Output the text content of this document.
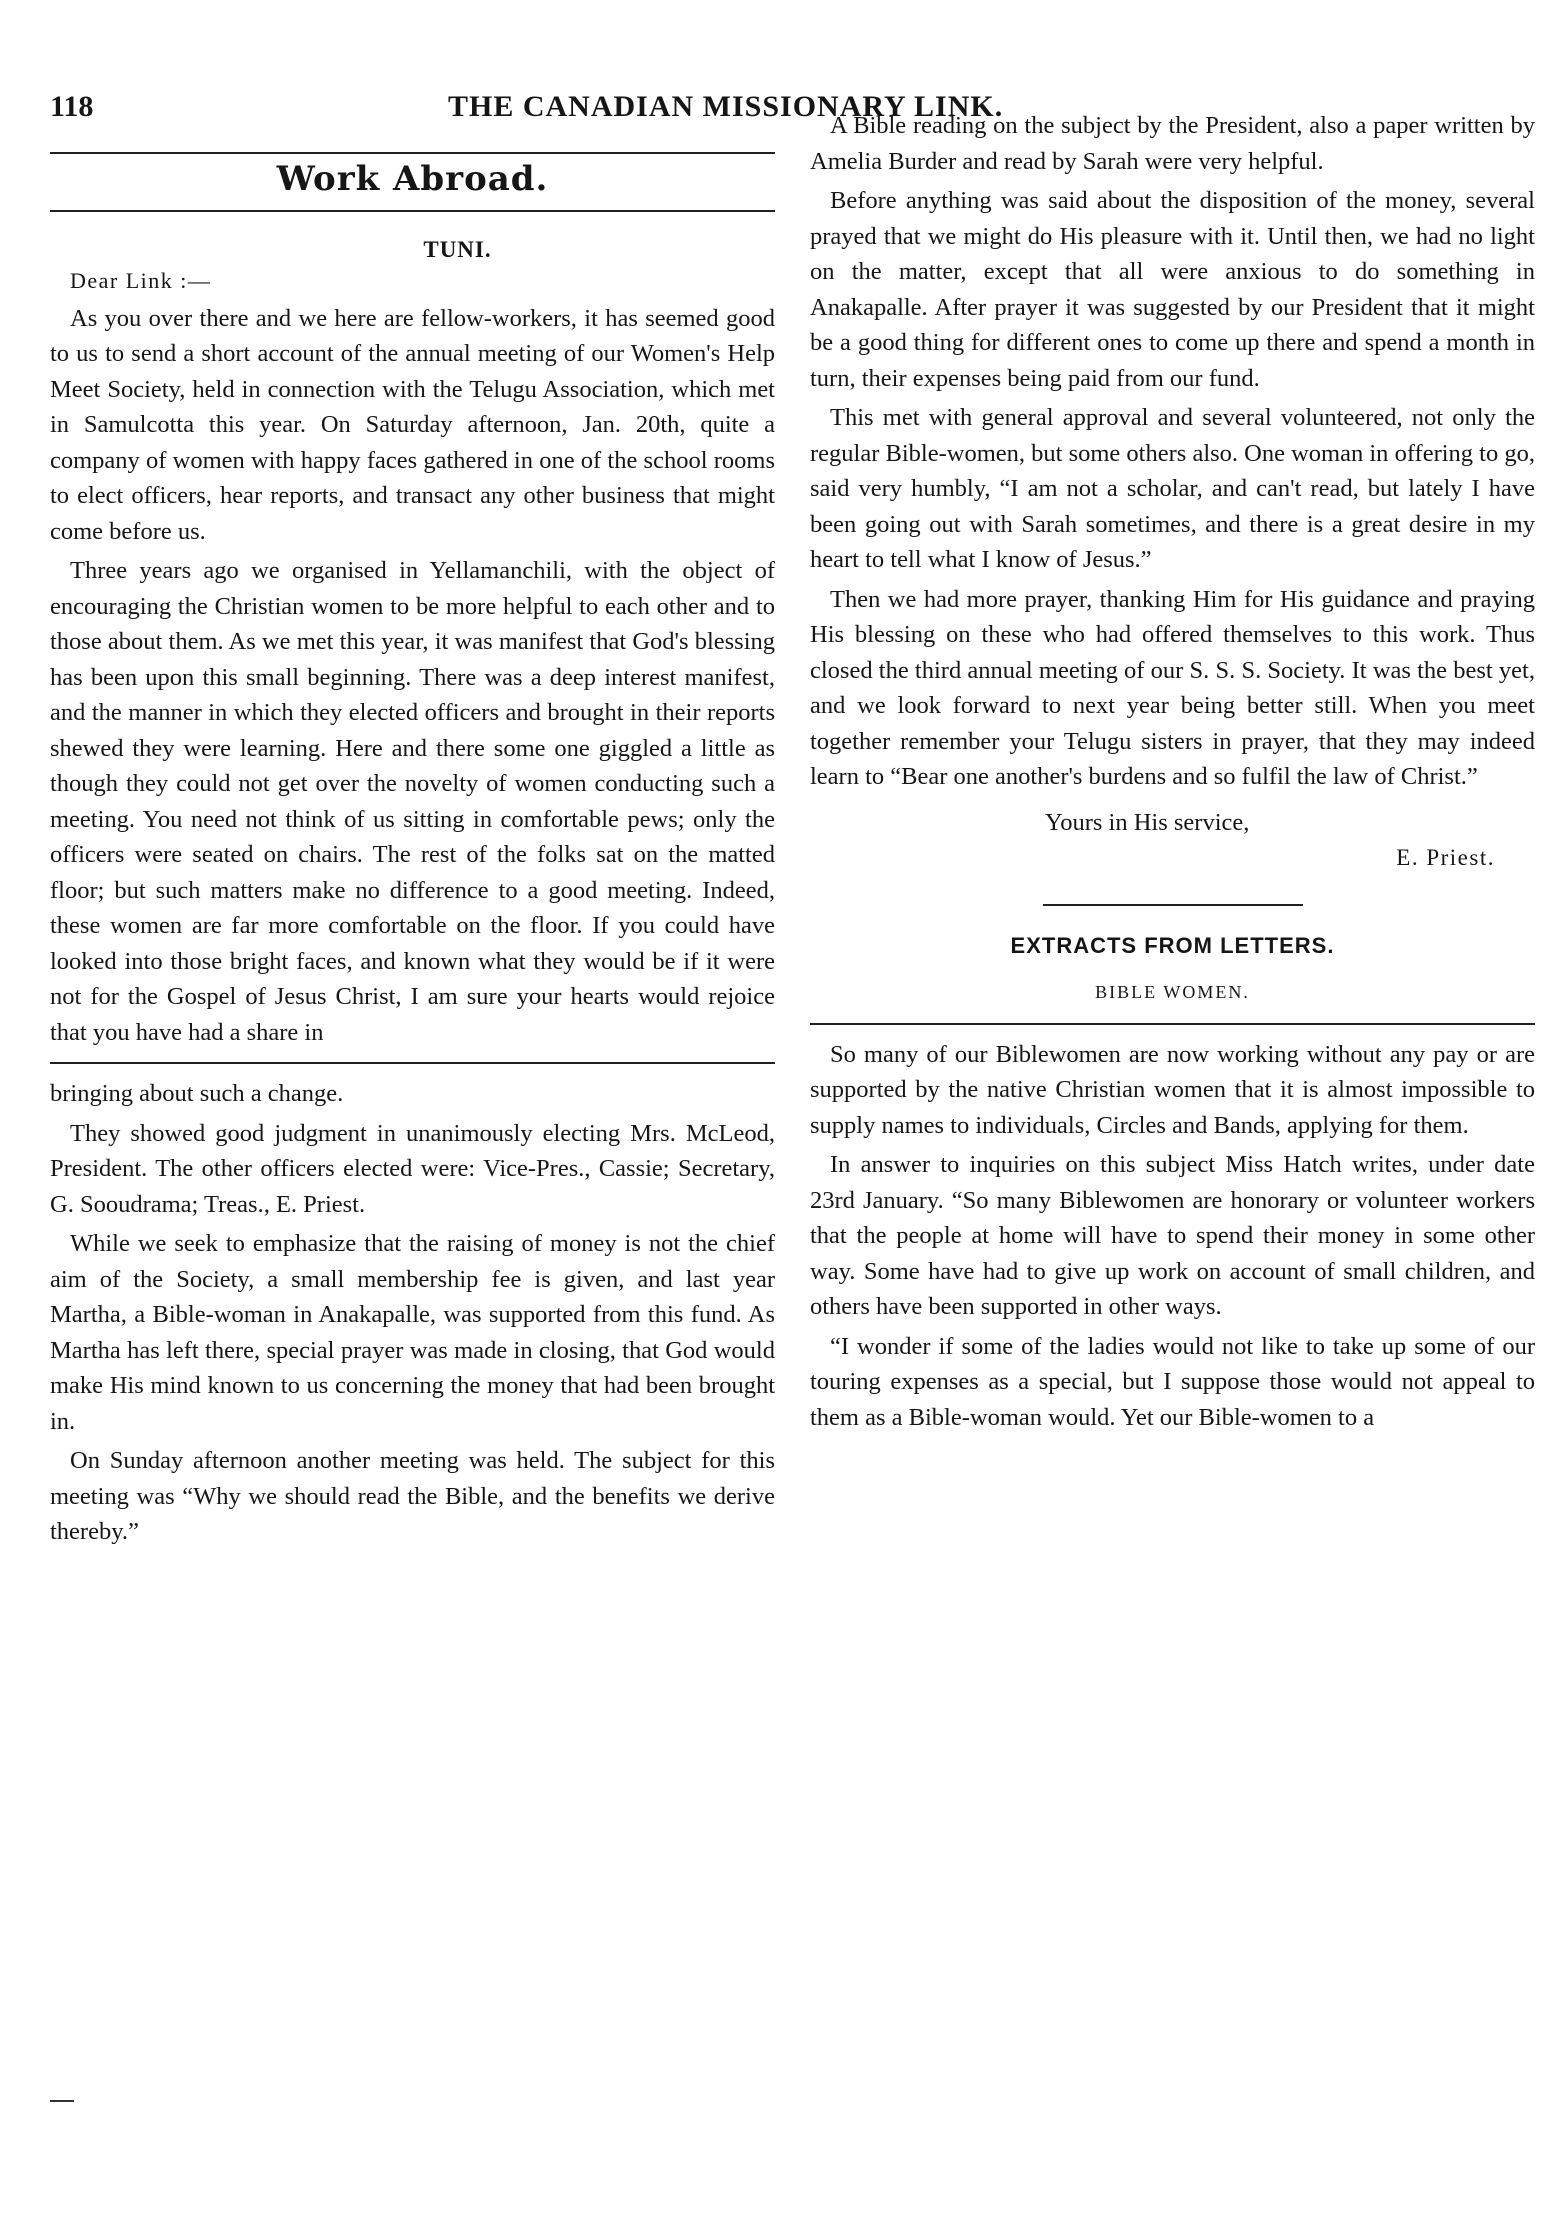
118	THE CANADIAN MISSIONARY LINK.
Work Abroad.
TUNI.
Dear Link :—

As you over there and we here are fellow-workers, it has seemed good to us to send a short account of the annual meeting of our Women's Help Meet Society, held in connection with the Telugu Association, which met in Samulcotta this year. On Saturday afternoon, Jan. 20th, quite a company of women with happy faces gathered in one of the school rooms to elect officers, hear reports, and transact any other business that might come before us.

Three years ago we organised in Yellamanchili, with the object of encouraging the Christian women to be more helpful to each other and to those about them. As we met this year, it was manifest that God's blessing has been upon this small beginning. There was a deep interest manifest, and the manner in which they elected officers and brought in their reports shewed they were learning. Here and there some one giggled a little as though they could not get over the novelty of women conducting such a meeting. You need not think of us sitting in comfortable pews; only the officers were seated on chairs. The rest of the folks sat on the matted floor; but such matters make no difference to a good meeting. Indeed, these women are far more comfortable on the floor. If you could have looked into those bright faces, and known what they would be if it were not for the Gospel of Jesus Christ, I am sure your hearts would rejoice that you have had a share in

bringing about such a change.

They showed good judgment in unanimously electing Mrs. McLeod, President. The other officers elected were: Vice-Pres., Cassie; Secretary, G. Sooudrama; Treas., E. Priest.

While we seek to emphasize that the raising of money is not the chief aim of the Society, a small membership fee is given, and last year Martha, a Bible-woman in Anakapalle, was supported from this fund. As Martha has left there, special prayer was made in closing, that God would make His mind known to us concerning the money that had been brought in.

On Sunday afternoon another meeting was held. The subject for this meeting was “Why we should read the Bible, and the benefits we derive thereby.”

A Bible reading on the subject by the President, also a paper written by Amelia Burder and read by Sarah were very helpful.

Before anything was said about the disposition of the money, several prayed that we might do His pleasure with it. Until then, we had no light on the matter, except that all were anxious to do something in Anakapalle. After prayer it was suggested by our President that it might be a good thing for different ones to come up there and spend a month in turn, their expenses being paid from our fund.

This met with general approval and several volunteered, not only the regular Bible-women, but some others also. One woman in offering to go, said very humbly, “I am not a scholar, and can't read, but lately I have been going out with Sarah sometimes, and there is a great desire in my heart to tell what I know of Jesus.”

Then we had more prayer, thanking Him for His guidance and praying His blessing on these who had offered themselves to this work. Thus closed the third annual meeting of our S. S. S. Society. It was the best yet, and we look forward to next year being better still. When you meet together remember your Telugu sisters in prayer, that they may indeed learn to “Bear one another's burdens and so fulfil the law of Christ.”

Yours in His service,
E. Priest.
EXTRACTS FROM LETTERS.
BIBLE WOMEN.

So many of our Biblewomen are now working without any pay or are supported by the native Christian women that it is almost impossible to supply names to individuals, Circles and Bands, applying for them.

In answer to inquiries on this subject Miss Hatch writes, under date 23rd January. “So many Biblewomen are honorary or volunteer workers that the people at home will have to spend their money in some other way. Some have had to give up work on account of small children, and others have been supported in other ways.

“I wonder if some of the ladies would not like to take up some of our touring expenses as a special, but I suppose those would not appeal to them as a Bible-woman would. Yet our Bible-women to a
